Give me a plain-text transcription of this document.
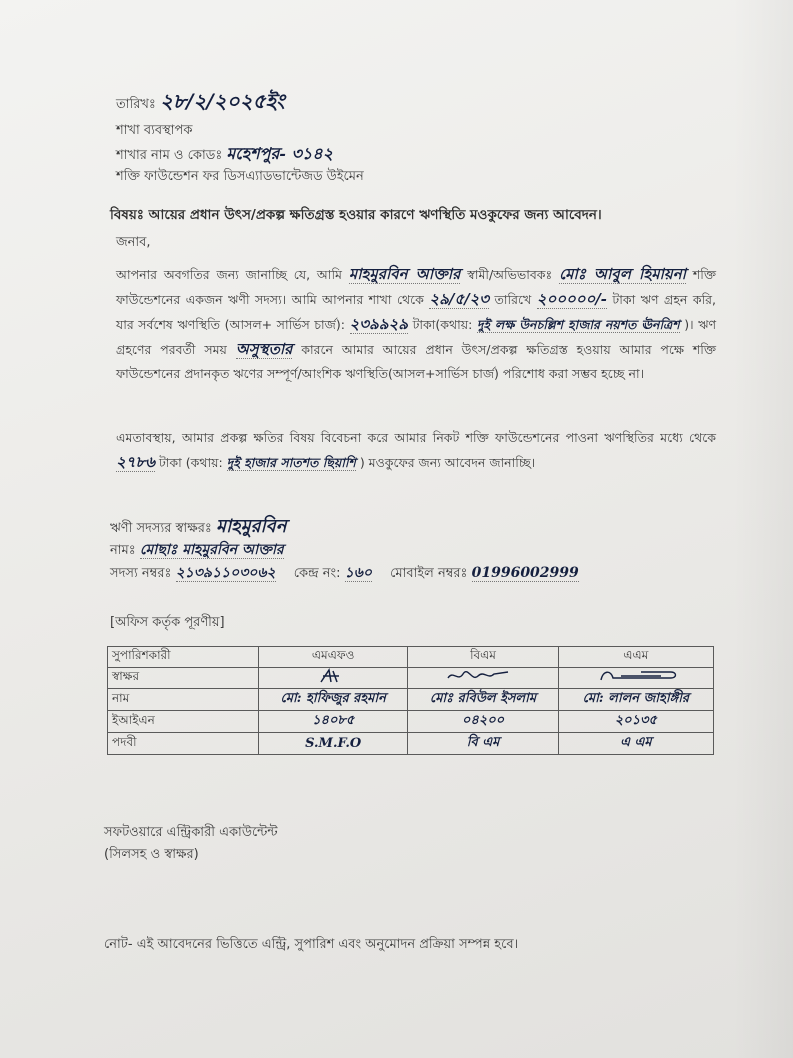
তারিখঃ ২৮/২/২০২৫ইং
শাখা ব্যবস্থাপক
শাখার নাম ও কোডঃ মহেশপুর- ৩১৪২
শক্তি ফাউন্ডেশন ফর ডিসএ্যাডভান্টেজড উইমেন
বিষয়ঃ আয়ের প্রধান উৎস/প্রকল্প ক্ষতিগ্রস্ত হওয়ার কারণে ঋণস্থিতি মওকুফের জন্য আবেদন।
জনাব,
আপনার অবগতির জন্য জানাচ্ছি যে, আমি মাহমুরবিন আক্তার স্বামী/অভিভাবকঃ মোঃ আবুল হিমায়না শক্তি ফাউন্ডেশনের একজন ঋণী সদস্য। আমি আপনার শাখা থেকে ২৯/৫/২৩ তারিখে ২০০০০০/- টাকা ঋণ গ্রহন করি, যার সর্বশেষ ঋণস্থিতি (আসল+ সার্ভিস চার্জ): ২৩৯৯২৯ টাকা(কথায়: দুই লক্ষ উনচল্লিশ হাজার নয়শত ঊনত্রিশ )। ঋণ গ্রহণের পরবর্তী সময় অসুস্থতার কারনে আমার আয়ের প্রধান উৎস/প্রকল্প ক্ষতিগ্রস্ত হওয়ায় আমার পক্ষে শক্তি ফাউন্ডেশনের প্রদানকৃত ঋণের সম্পূর্ণ/আংশিক ঋণস্থিতি(আসল+সার্ভিস চার্জ) পরিশোধ করা সম্ভব হচ্ছে না।
এমতাবস্থায়, আমার প্রকল্প ক্ষতির বিষয় বিবেচনা করে আমার নিকট শক্তি ফাউন্ডেশনের পাওনা ঋণস্থিতির মধ্যে থেকে ২৭৮৬ টাকা (কথায়: দুই হাজার সাতশত ছিয়াশি ) মওকুফের জন্য আবেদন জানাচ্ছি।
ঋণী সদস্যর স্বাক্ষরঃ মাহমুরবিন
নামঃ মোছাঃ মাহমুরবিন আক্তার
সদস্য নম্বরঃ ২১৩৯১১০৩০৬২ কেন্দ্র নং: ১৬০ মোবাইল নম্বরঃ 01996002999
[অফিস কর্তৃক পূরণীয়]
সুপারিশকারী	এমএফও	বিএম	এএম
স্বাক্ষর			
নাম	মো: হাফিজুর রহমান	মোঃ রবিউল ইসলাম	মো: লালন জাহাঙ্গীর
ইআইএন	১৪০৮৫	০৪২০০	২০১৩৫
পদবী	S.M.F.O	বি এম	এ এম
সফটওয়ারে এন্ট্রিকারী একাউন্টেন্ট
(সিলসহ ও স্বাক্ষর)
নোট- এই আবেদনের ভিত্তিতে এন্ট্রি, সুপারিশ এবং অনুমোদন প্রক্রিয়া সম্পন্ন হবে।
